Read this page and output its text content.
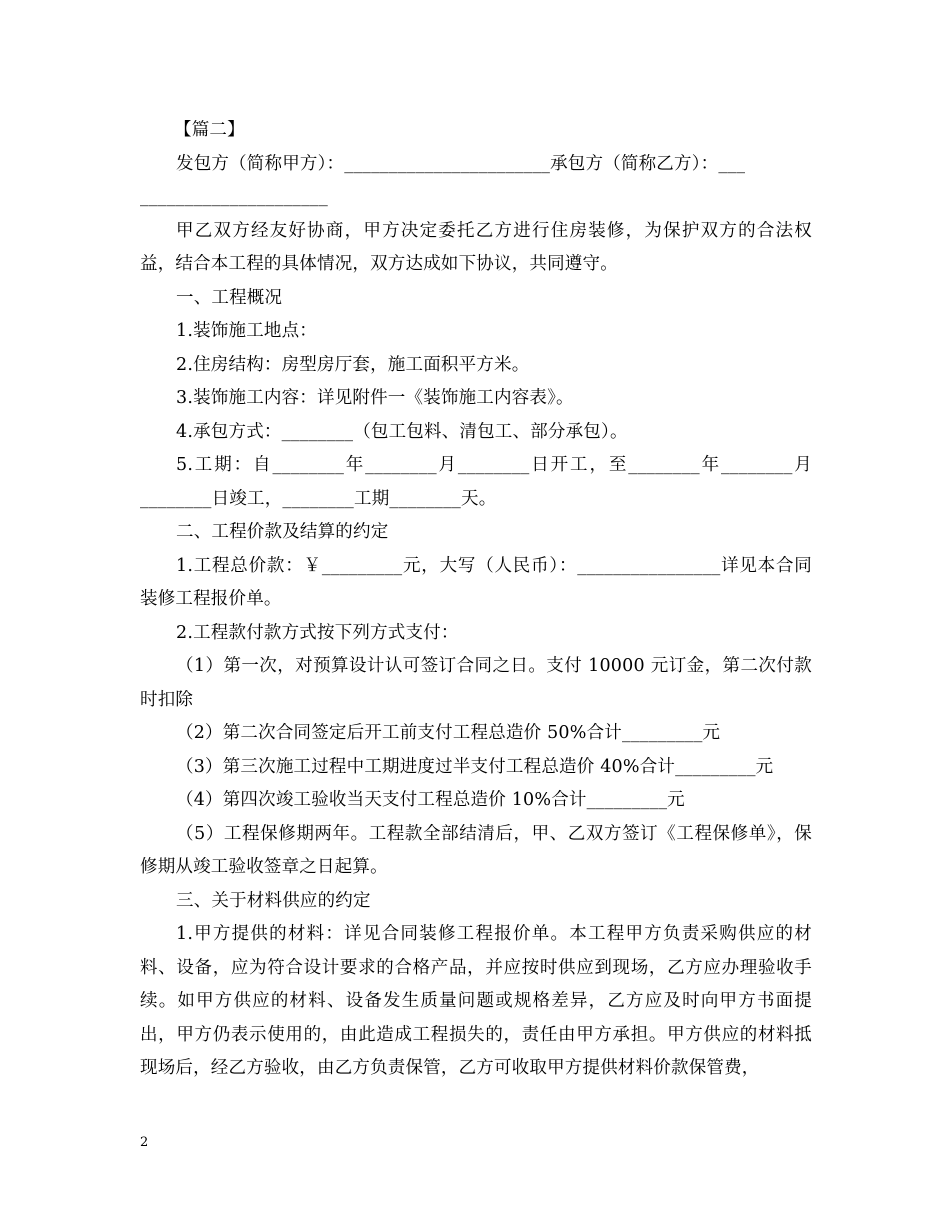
【篇二】
发包方（简称甲方）：_______________________承包方（简称乙方）：___
_____________________
甲乙双方经友好协商，甲方决定委托乙方进行住房装修，为保护双方的合法权益，结合本工程的具体情况，双方达成如下协议，共同遵守。
一、工程概况
1.装饰施工地点：
2.住房结构：房型房厅套，施工面积平方米。
3.装饰施工内容：详见附件一《装饰施工内容表》。
4.承包方式：________（包工包料、清包工、部分承包）。
5.工期：自________年________月________日开工，至________年________月________日竣工，________工期________天。
二、工程价款及结算的约定
1.工程总价款：￥_________元，大写（人民币）：________________详见本合同装修工程报价单。
2.工程款付款方式按下列方式支付：
（1）第一次，对预算设计认可签订合同之日。支付 10000 元订金，第二次付款时扣除
（2）第二次合同签定后开工前支付工程总造价 50%合计_________元
（3）第三次施工过程中工期进度过半支付工程总造价 40%合计_________元
（4）第四次竣工验收当天支付工程总造价 10%合计_________元
（5）工程保修期两年。工程款全部结清后，甲、乙双方签订《工程保修单》，保修期从竣工验收签章之日起算。
三、关于材料供应的约定
1.甲方提供的材料：详见合同装修工程报价单。本工程甲方负责采购供应的材料、设备，应为符合设计要求的合格产品，并应按时供应到现场，乙方应办理验收手续。如甲方供应的材料、设备发生质量问题或规格差异，乙方应及时向甲方书面提出，甲方仍表示使用的，由此造成工程损失的，责任由甲方承担。甲方供应的材料抵现场后，经乙方验收，由乙方负责保管，乙方可收取甲方提供材料价款保管费，
2
